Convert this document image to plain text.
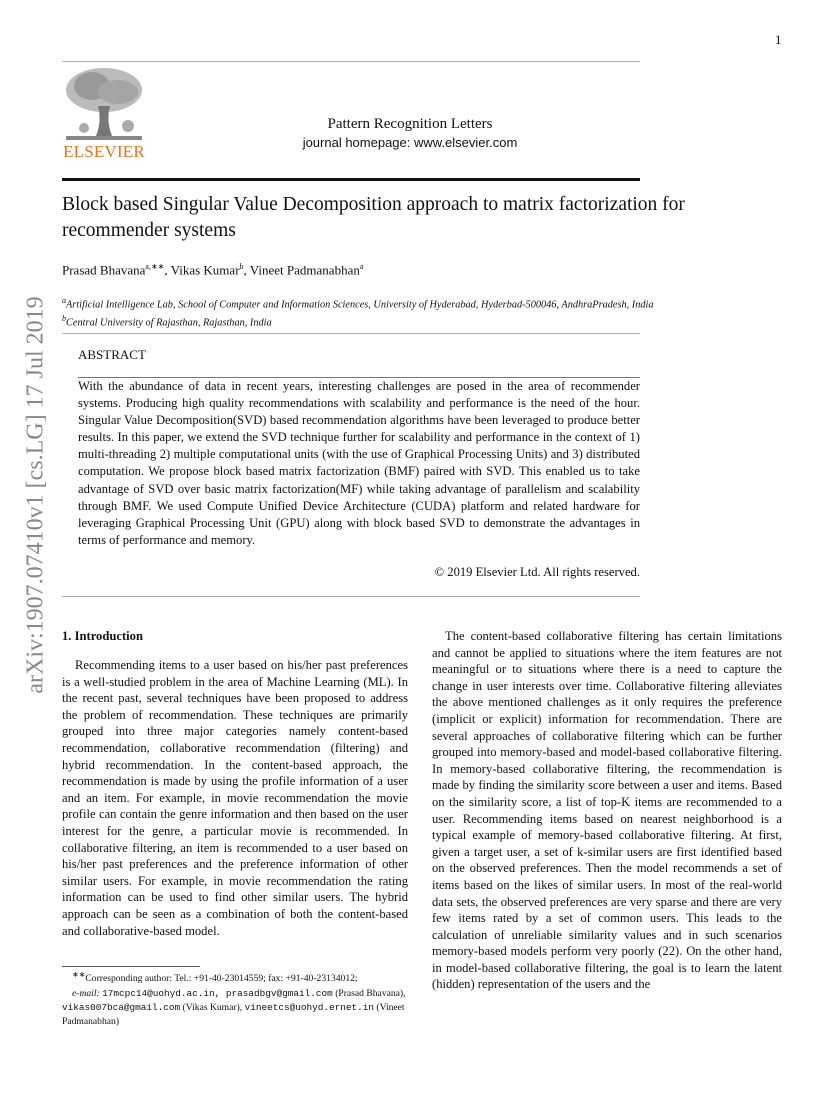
1
arXiv:1907.07410v1 [cs.LG] 17 Jul 2019
ELSEVIER
Pattern Recognition Letters
journal homepage: www.elsevier.com
Block based Singular Value Decomposition approach to matrix factorization for recommender systems
Prasad Bhavana$^{a,∗∗}$, Vikas Kumar$^b$, Vineet Padmanabhan$^a$
$^a$Artificial Intelligence Lab, School of Computer and Information Sciences, University of Hyderabad, Hyderbad-500046, AndhraPradesh, India
$^b$Central University of Rajasthan, Rajasthan, India
ABSTRACT
With the abundance of data in recent years, interesting challenges are posed in the area of recommender systems. Producing high quality recommendations with scalability and performance is the need of the hour. Singular Value Decomposition(SVD) based recommendation algorithms have been leveraged to produce better results. In this paper, we extend the SVD technique further for scalability and performance in the context of 1) multi-threading 2) multiple computational units (with the use of Graphical Processing Units) and 3) distributed computation. We propose block based matrix factorization (BMF) paired with SVD. This enabled us to take advantage of SVD over basic matrix factorization(MF) while taking advantage of parallelism and scalability through BMF. We used Compute Unified Device Architecture (CUDA) platform and related hardware for leveraging Graphical Processing Unit (GPU) along with block based SVD to demonstrate the advantages in terms of performance and memory.
© 2019 Elsevier Ltd. All rights reserved.
1. Introduction

Recommending items to a user based on his/her past preferences is a well-studied problem in the area of Machine Learning (ML). In the recent past, several techniques have been proposed to address the problem of recommendation. These techniques are primarily grouped into three major categories namely content-based recommendation, collaborative recommendation (filtering) and hybrid recommendation. In the content-based approach, the recommendation is made by using the profile information of a user and an item. For example, in movie recommendation the movie profile can contain the genre information and then based on the user interest for the genre, a particular movie is recommended. In collaborative filtering, an item is recommended to a user based on his/her past preferences and the preference information of other similar users. For example, in movie recommendation the rating information can be used to find other similar users. The hybrid approach can be seen as a combination of both the content-based and collaborative-based model.

The content-based collaborative filtering has certain limitations and cannot be applied to situations where the item features are not meaningful or to situations where there is a need to capture the change in user interests over time. Collaborative filtering alleviates the above mentioned challenges as it only requires the preference (implicit or explicit) information for recommendation. There are several approaches of collaborative filtering which can be further grouped into memory-based and model-based collaborative filtering. In memory-based collaborative filtering, the recommendation is made by finding the similarity score between a user and items. Based on the similarity score, a list of top-K items are recommended to a user. Recommending items based on nearest neighborhood is a typical example of memory-based collaborative filtering. At first, given a target user, a set of k-similar users are first identified based on the observed preferences. Then the model recommends a set of items based on the likes of similar users. In most of the real-world data sets, the observed preferences are very sparse and there are very few items rated by a set of common users. This leads to the calculation of unreliable similarity values and in such scenarios memory-based models perform very poorly (22). On the other hand, in model-based collaborative filtering, the goal is to learn the latent (hidden) representation of the users and the

∗∗Corresponding author: Tel.: +91-40-23014559; fax: +91-40-23134012;
e-mail: 17mcpc14@uohyd.ac.in, prasadbgv@gmail.com (Prasad Bhavana), vikas007bca@gmail.com (Vikas Kumar), vineetcs@uohyd.ernet.in (Vineet Padmanabhan)
